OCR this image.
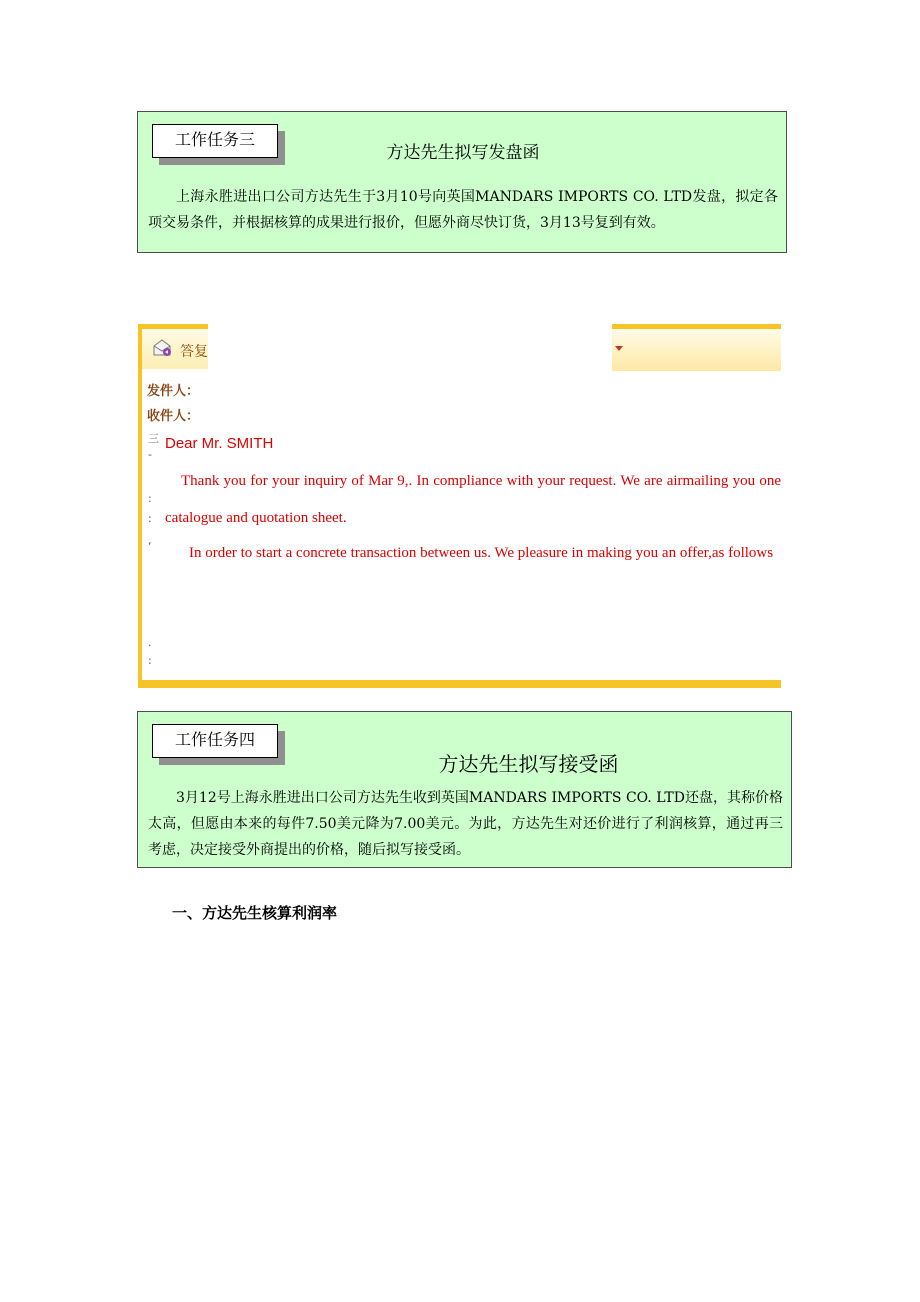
工作任务三
方达先生拟写发盘函
上海永胜进出口公司方达先生于3月10号向英国MANDARS IMPORTS CO. LTD发盘，拟定各项交易条件，并根据核算的成果进行报价，但愿外商尽快订货，3月13号复到有效。
答复
发件人：
收件人：
三
-
:
:
‘
.
:
Dear Mr. SMITH
Thank you for your inquiry of Mar 9,. In compliance with your request. We are airmailing you one catalogue and quotation sheet.
In order to start a concrete transaction between us. We pleasure in making you an offer,as follows
工作任务四
方达先生拟写接受函
3月12号上海永胜进出口公司方达先生收到英国MANDARS IMPORTS CO. LTD还盘，其称价格太高，但愿由本来的每件7.50美元降为7.00美元。为此，方达先生对还价进行了利润核算，通过再三考虑，决定接受外商提出的价格，随后拟写接受函。
一、方达先生核算利润率
